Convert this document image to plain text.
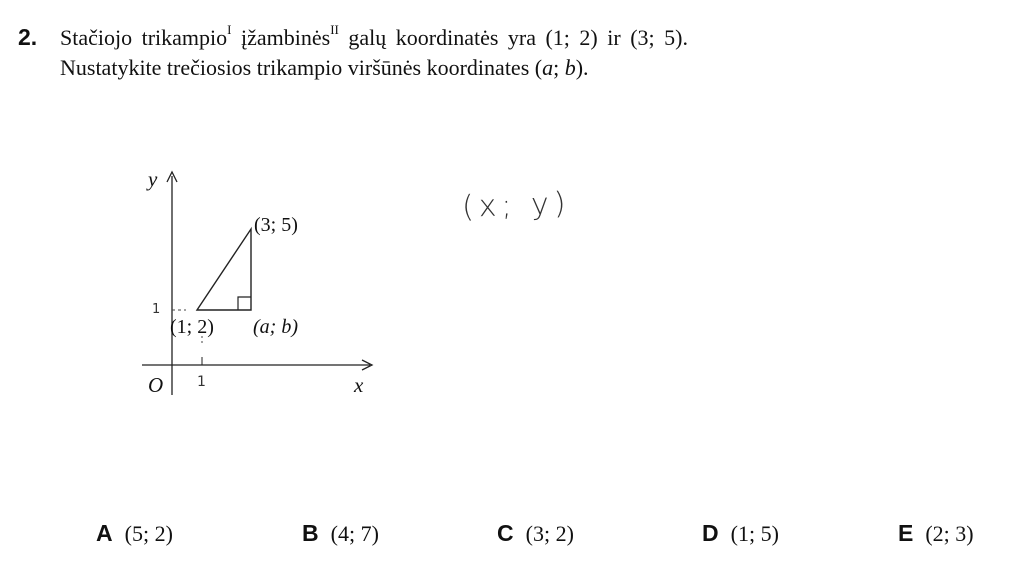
2. Stačiojo trikampio$^I$ įžambinės$^{II}$ galų koordinatės yra (1; 2) ir (3; 5).
Nustatykite trečiosios trikampio viršūnės koordinates (a; b).
y
x
O 1
1
(3; 5)
(1; 2) (a; b)
(x; y)
A (5; 2)	B (4; 7)	C (3; 2)	D (1; 5)	E (2; 3)
